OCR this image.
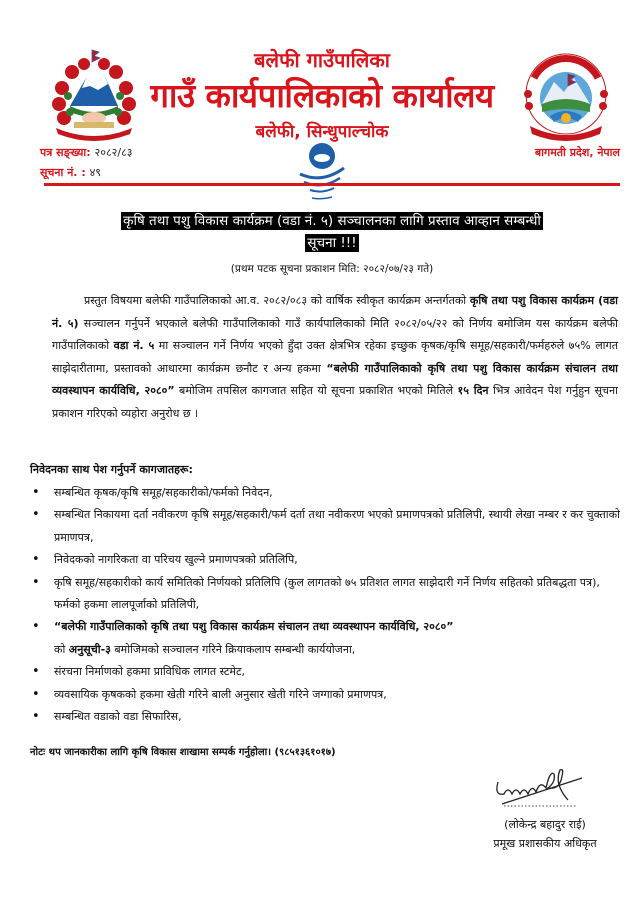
बलेफी गाउँपालिका
गाउँ कार्यपालिकाको कार्यालय
बलेफी, सिन्धुपाल्चोक
पत्र सङ्ख्या: २०८२/८३
सूचना नं. : ४९
बागमती प्रदेश, नेपाल
कृषि तथा पशु विकास कार्यक्रम (वडा नं. ५) सञ्चालनका लागि प्रस्ताव आव्हान सम्बन्धी
सूचना !!!
(प्रथम पटक सूचना प्रकाशन मिति: २०८२/०७/२३ गते)
प्रस्तुत विषयमा बलेफी गाउँपालिकाको आ.व. २०८२/०८३ को वार्षिक स्वीकृत कार्यक्रम अन्तर्गतको कृषि तथा पशु विकास कार्यक्रम (वडा नं. ५) सञ्चालन गर्नुपर्ने भएकाले बलेफी गाउँपालिकाको गाउँ कार्यपालिकाको मिति २०८२/०५/२२ को निर्णय बमोजिम यस कार्यक्रम बलेफी गाउँपालिकाको वडा नं. ५ मा सञ्चालन गर्ने निर्णय भएको हुँदा उक्त क्षेत्रभित्र रहेका इच्छुक कृषक/कृषि समूह/सहकारी/फर्महरुले ७५% लागत साझेदारीतामा, प्रस्तावको आधारमा कार्यक्रम छनौट र अन्य हकमा “बलेफी गाउँपालिकाको कृषि तथा पशु विकास कार्यक्रम संचालन तथा व्यवस्थापन कार्यविधि, २०८०” बमोजिम तपसिल कागजात सहित यो सूचना प्रकाशित भएको मितिले १५ दिन भित्र आवेदन पेश गर्नुहुन सूचना प्रकाशन गरिएको व्यहोरा अनुरोध छ ।
निवेदनका साथ पेश गर्नुपर्ने कागजातहरू:
• सम्बन्धित कृषक/कृषि समूह/सहकारीको/फर्मको निवेदन,
• सम्बन्धित निकायमा दर्ता नवीकरण कृषि समूह/सहकारी/फर्म दर्ता तथा नवीकरण भएको प्रमाणपत्रको प्रतिलिपी, स्थायी लेखा नम्बर र कर चुक्ताको प्रमाणपत्र,
• निवेदकको नागरिकता वा परिचय खुल्ने प्रमाणपत्रको प्रतिलिपि,
• कृषि समूह/सहकारीको कार्य समितिको निर्णयको प्रतिलिपि (कुल लागतको ७५ प्रतिशत लागत साझेदारी गर्ने निर्णय सहितको प्रतिबद्धता पत्र), फर्मको हकमा लालपूर्जाको प्रतिलिपी,
• “बलेफी गाउँपालिकाको कृषि तथा पशु विकास कार्यक्रम संचालन तथा व्यवस्थापन कार्यविधि, २०८०”
को अनुसूची-३ बमोजिमको सञ्चालन गरिने क्रियाकलाप सम्बन्धी कार्ययोजना,
• संरचना निर्माणको हकमा प्राविधिक लागत स्टमेट,
• व्यवसायिक कृषकको हकमा खेती गरिने बाली अनुसार खेती गरिने जग्गाको प्रमाणपत्र,
• सम्बन्धित वडाको वडा सिफारिस,
नोटः थप जानकारीका लागि कृषि विकास शाखामा सम्पर्क गर्नुहोला। (९८५१३६१०१७)
(लोकेन्द्र बहादुर राई)
प्रमूख प्रशासकीय अधिकृत
